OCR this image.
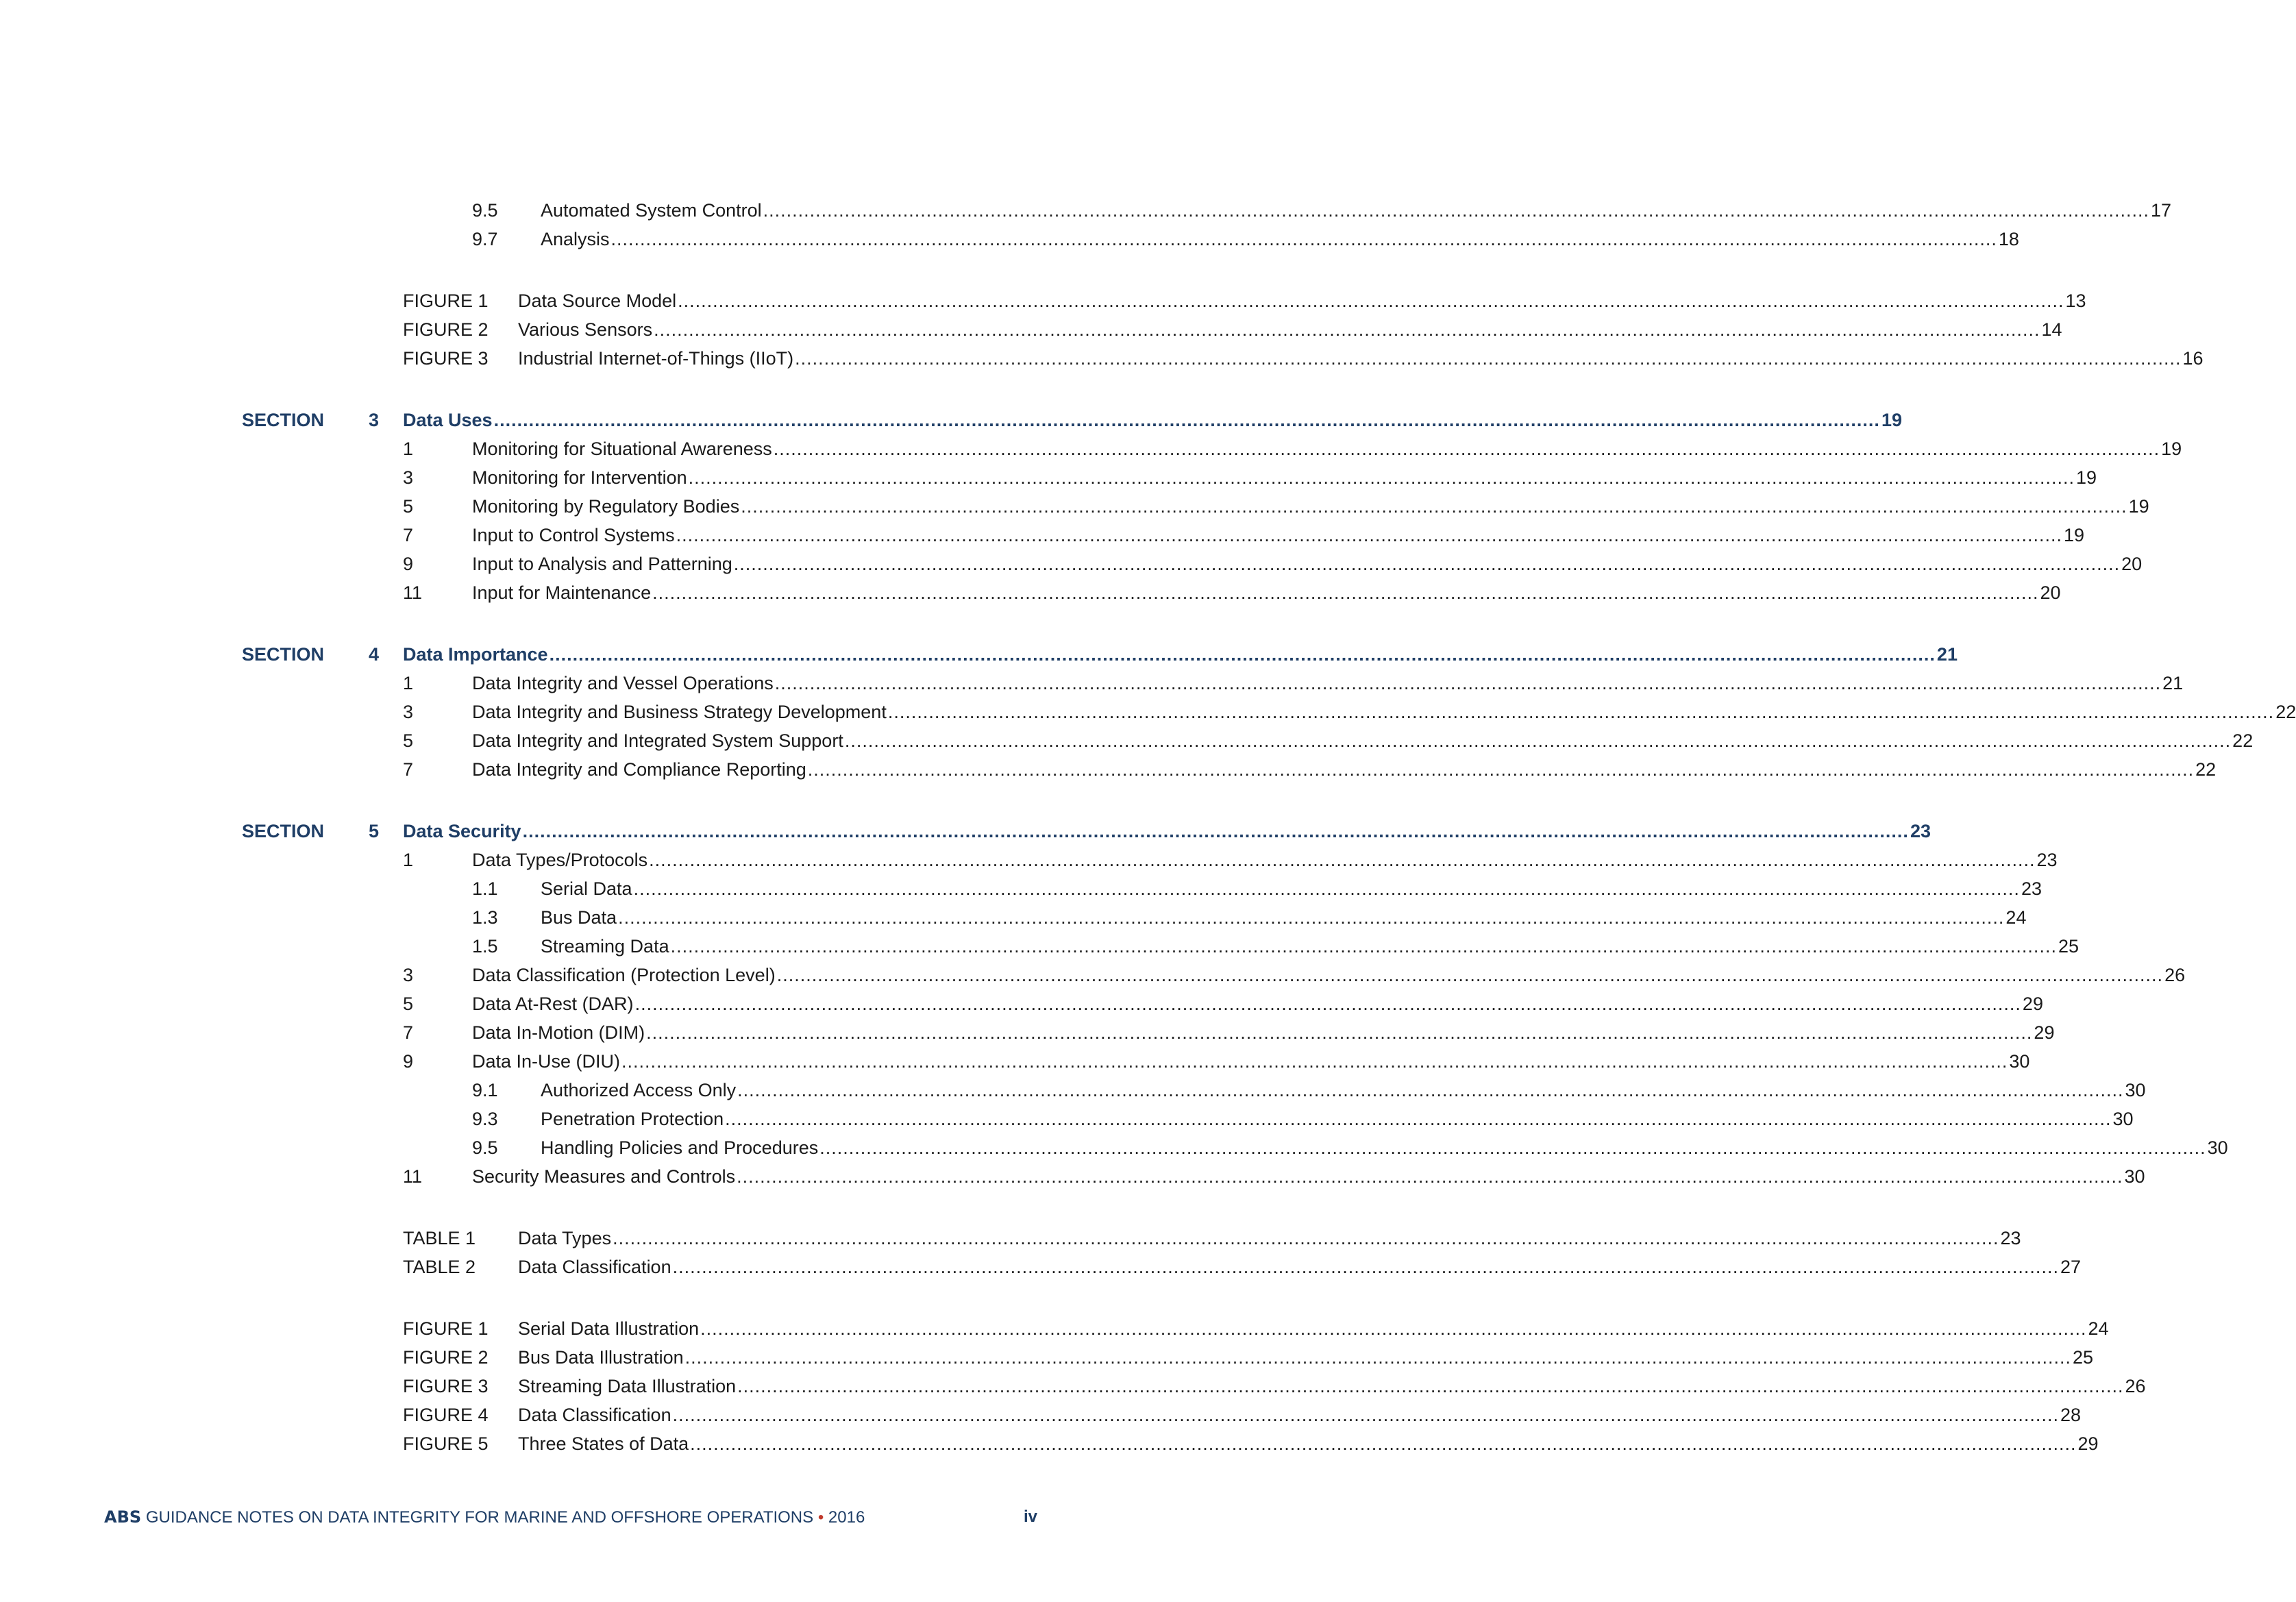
9.5	Automated System Control .....	17
9.7	Analysis .....	18
FIGURE 1	Data Source Model .....	13
FIGURE 2	Various Sensors .....	14
FIGURE 3	Industrial Internet-of-Things (IIoT) .....	16
SECTION	3 Data Uses .....	19
1	Monitoring for Situational Awareness .....	19
3	Monitoring for Intervention .....	19
5	Monitoring by Regulatory Bodies .....	19
7	Input to Control Systems .....	19
9	Input to Analysis and Patterning .....	20
11	Input for Maintenance .....	20
SECTION	4 Data Importance .....	21
1	Data Integrity and Vessel Operations .....	21
3	Data Integrity and Business Strategy Development .....	22
5	Data Integrity and Integrated System Support .....	22
7	Data Integrity and Compliance Reporting .....	22
SECTION	5 Data Security .....	23
1	Data Types/Protocols .....	23
1.1	Serial Data .....	23
1.3	Bus Data .....	24
1.5	Streaming Data .....	25
3	Data Classification (Protection Level) .....	26
5	Data At-Rest (DAR) .....	29
7	Data In-Motion (DIM) .....	29
9	Data In-Use (DIU) .....	30
9.1	Authorized Access Only .....	30
9.3	Penetration Protection .....	30
9.5	Handling Policies and Procedures .....	30
11	Security Measures and Controls .....	30
TABLE 1	Data Types .....	23
TABLE 2	Data Classification .....	27
FIGURE 1	Serial Data Illustration .....	24
FIGURE 2	Bus Data Illustration .....	25
FIGURE 3	Streaming Data Illustration .....	26
FIGURE 4	Data Classification .....	28
FIGURE 5	Three States of Data .....	29
ABS GUIDANCE NOTES ON DATA INTEGRITY FOR MARINE AND OFFSHORE OPERATIONS • 2016	iv
